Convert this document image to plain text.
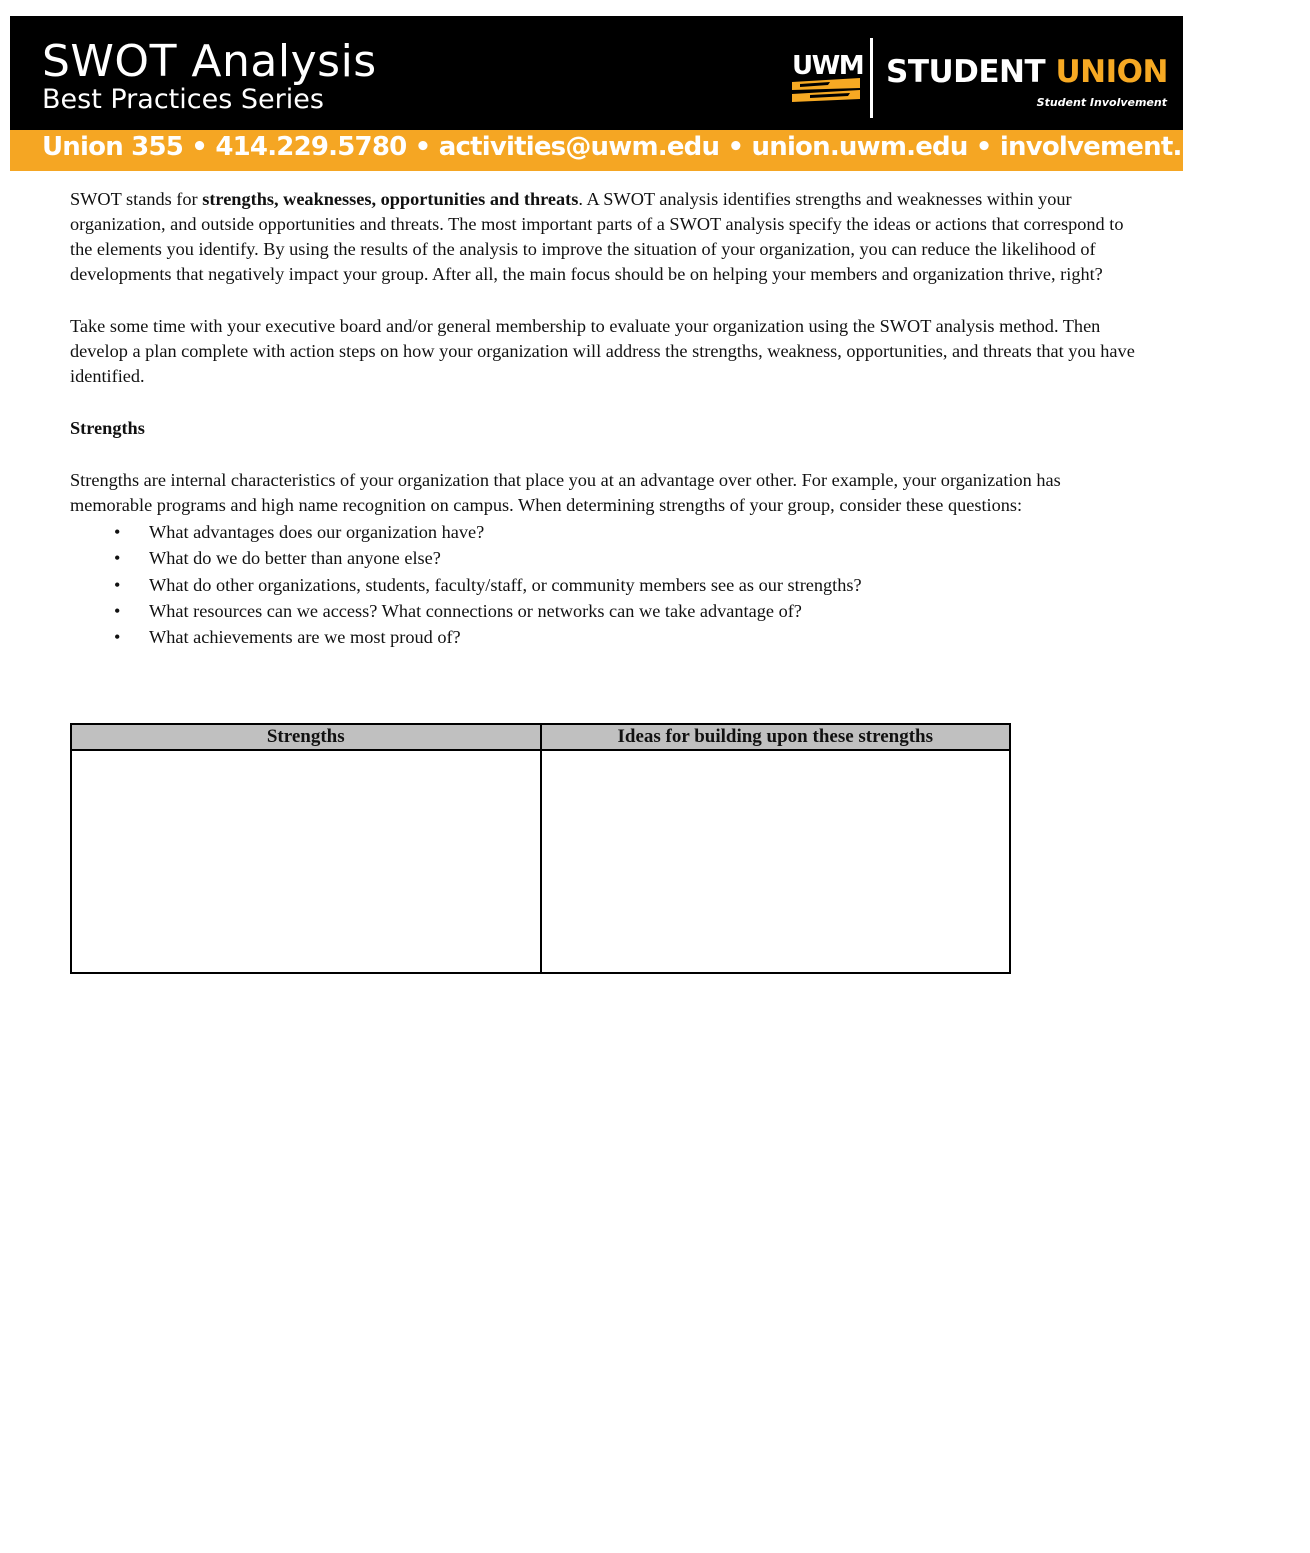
SWOT Analysis
Best Practices Series
UWM STUDENT UNION
Student Involvement
Union 355 • 414.229.5780 • activities@uwm.edu • union.uwm.edu • involvement.uwm.edu

SWOT stands for strengths, weaknesses, opportunities and threats. A SWOT analysis identifies strengths and weaknesses within your organization, and outside opportunities and threats. The most important parts of a SWOT analysis specify the ideas or actions that correspond to the elements you identify. By using the results of the analysis to improve the situation of your organization, you can reduce the likelihood of developments that negatively impact your group. After all, the main focus should be on helping your members and organization thrive, right?

Take some time with your executive board and/or general membership to evaluate your organization using the SWOT analysis method. Then develop a plan complete with action steps on how your organization will address the strengths, weakness, opportunities, and threats that you have identified.

Strengths

Strengths are internal characteristics of your organization that place you at an advantage over other. For example, your organization has memorable programs and high name recognition on campus. When determining strengths of your group, consider these questions:

• What advantages does our organization have?
• What do we do better than anyone else?
• What do other organizations, students, faculty/staff, or community members see as our strengths?
• What resources can we access? What connections or networks can we take advantage of?
• What achievements are we most proud of?
Strengths	Ideas for building upon these strengths
